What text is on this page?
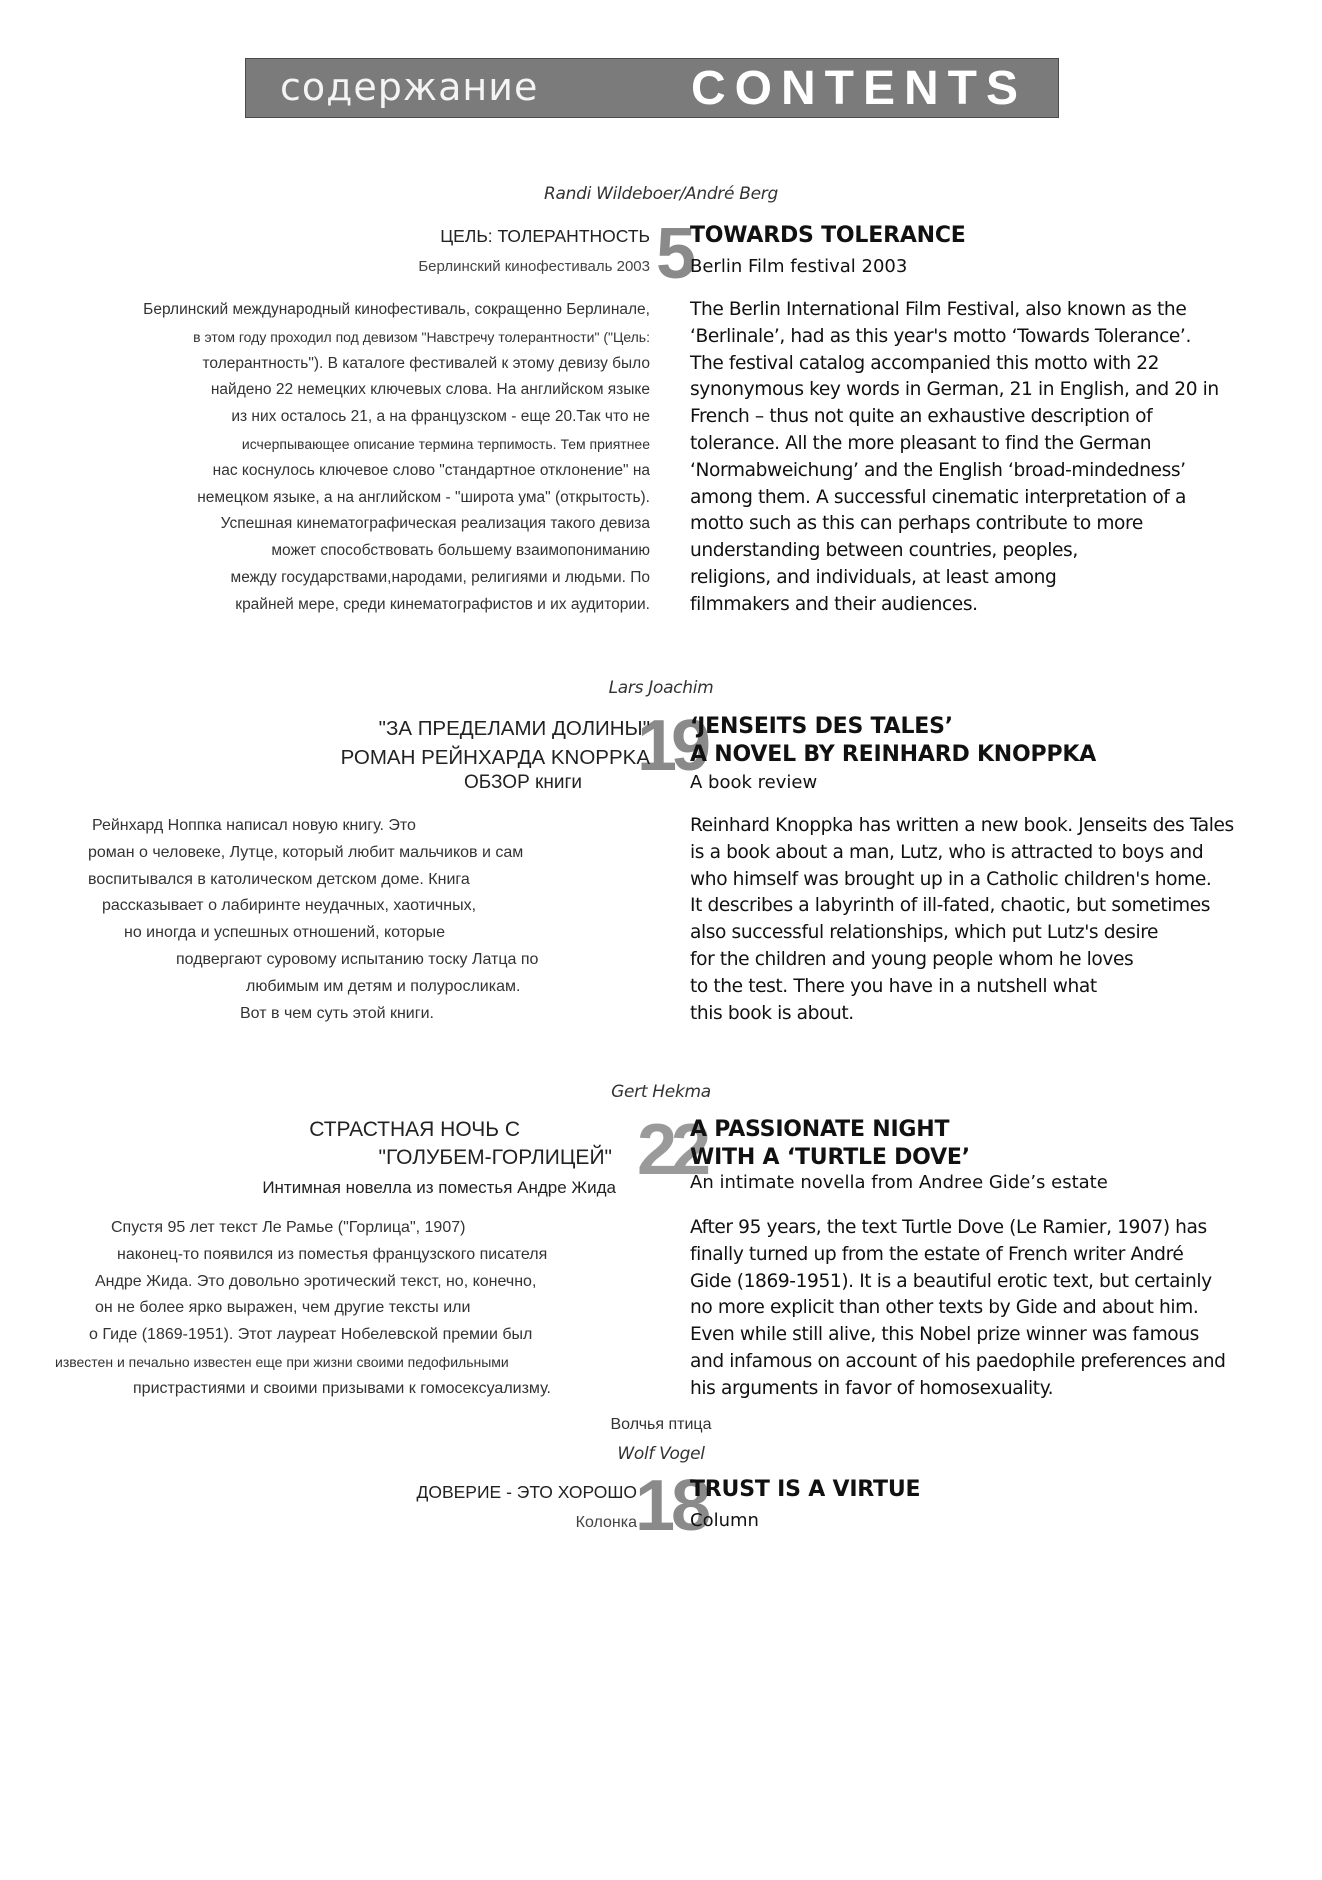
содержание	CONTENTS
Randi Wildeboer/André Berg
5
ЦЕЛЬ: ТОЛЕРАНТНОСТЬ
Берлинский кинофестиваль 2003
TOWARDS TOLERANCE
Berlin Film festival 2003
Берлинский международный кинофестиваль, сокращенно Берлинале,
в этом году проходил под девизом "Навстречу толерантности" ("Цель:
толерантность"). В каталоге фестивалей к этому девизу было
найдено 22 немецких ключевых слова. На английском языке
из них осталось 21, а на французском - еще 20.Так что не
исчерпывающее описание термина терпимость. Тем приятнее
нас коснулось ключевое слово "стандартное отклонение" на
немецком языке, а на английском - "широта ума" (открытость).
Успешная кинематографическая реализация такого девиза
может способствовать большему взаимопониманию
между государствами,народами, религиями и людьми. По
крайней мере, среди кинематографистов и их аудитории.
The Berlin International Film Festival, also known as the
‘Berlinale’, had as this year's motto ‘Towards Tolerance’.
The festival catalog accompanied this motto with 22
synonymous key words in German, 21 in English, and 20 in
French – thus not quite an exhaustive description of
tolerance. All the more pleasant to find the German
‘Normabweichung’ and the English ‘broad-mindedness’
among them. A successful cinematic interpretation of a
motto such as this can perhaps contribute to more
understanding between countries, peoples,
religions, and individuals, at least among
filmmakers and their audiences.
Lars Joachim
19
"ЗА ПРЕДЕЛАМИ ДОЛИНЫ"
РОМАН РЕЙНХАРДА KNOPPKA
ОБЗОР книги
‘JENSEITS DES TALES’
A NOVEL BY REINHARD KNOPPKA
A book review
Рейнхард Ноппка написал новую книгу. Это
роман о человеке, Лутце, который любит мальчиков и сам
воспитывался в католическом детском доме. Книга
рассказывает о лабиринте неудачных, хаотичных,
но иногда и успешных отношений, которые
подвергают суровому испытанию тоску Латца по
любимым им детям и полуросликам.
Вот в чем суть этой книги.
Reinhard Knoppka has written a new book. Jenseits des Tales
is a book about a man, Lutz, who is attracted to boys and
who himself was brought up in a Catholic children's home.
It describes a labyrinth of ill-fated, chaotic, but sometimes
also successful relationships, which put Lutz's desire
for the children and young people whom he loves
to the test. There you have in a nutshell what
this book is about.
Gert Hekma
22
СТРАСТНАЯ НОЧЬ С
"ГОЛУБЕМ-ГОРЛИЦЕЙ"
Интимная новелла из поместья Андре Жида
A PASSIONATE NIGHT
WITH A ‘TURTLE DOVE’
An intimate novella from Andree Gide’s estate
Спустя 95 лет текст Ле Рамье ("Горлица", 1907)
наконец-то появился из поместья французского писателя
Андре Жида. Это довольно эротический текст, но, конечно,
он не более ярко выражен, чем другие тексты или
о Гиде (1869-1951). Этот лауреат Нобелевской премии был
известен и печально известен еще при жизни своими педофильными
пристрастиями и своими призывами к гомосексуализму.
After 95 years, the text Turtle Dove (Le Ramier, 1907) has
finally turned up from the estate of French writer André
Gide (1869-1951). It is a beautiful erotic text, but certainly
no more explicit than other texts by Gide and about him.
Even while still alive, this Nobel prize winner was famous
and infamous on account of his paedophile preferences and
his arguments in favor of homosexuality.
Волчья птица
Wolf Vogel
18
ДОВЕРИЕ - ЭТО ХОРОШО
Колонка
TRUST IS A VIRTUE
Column
